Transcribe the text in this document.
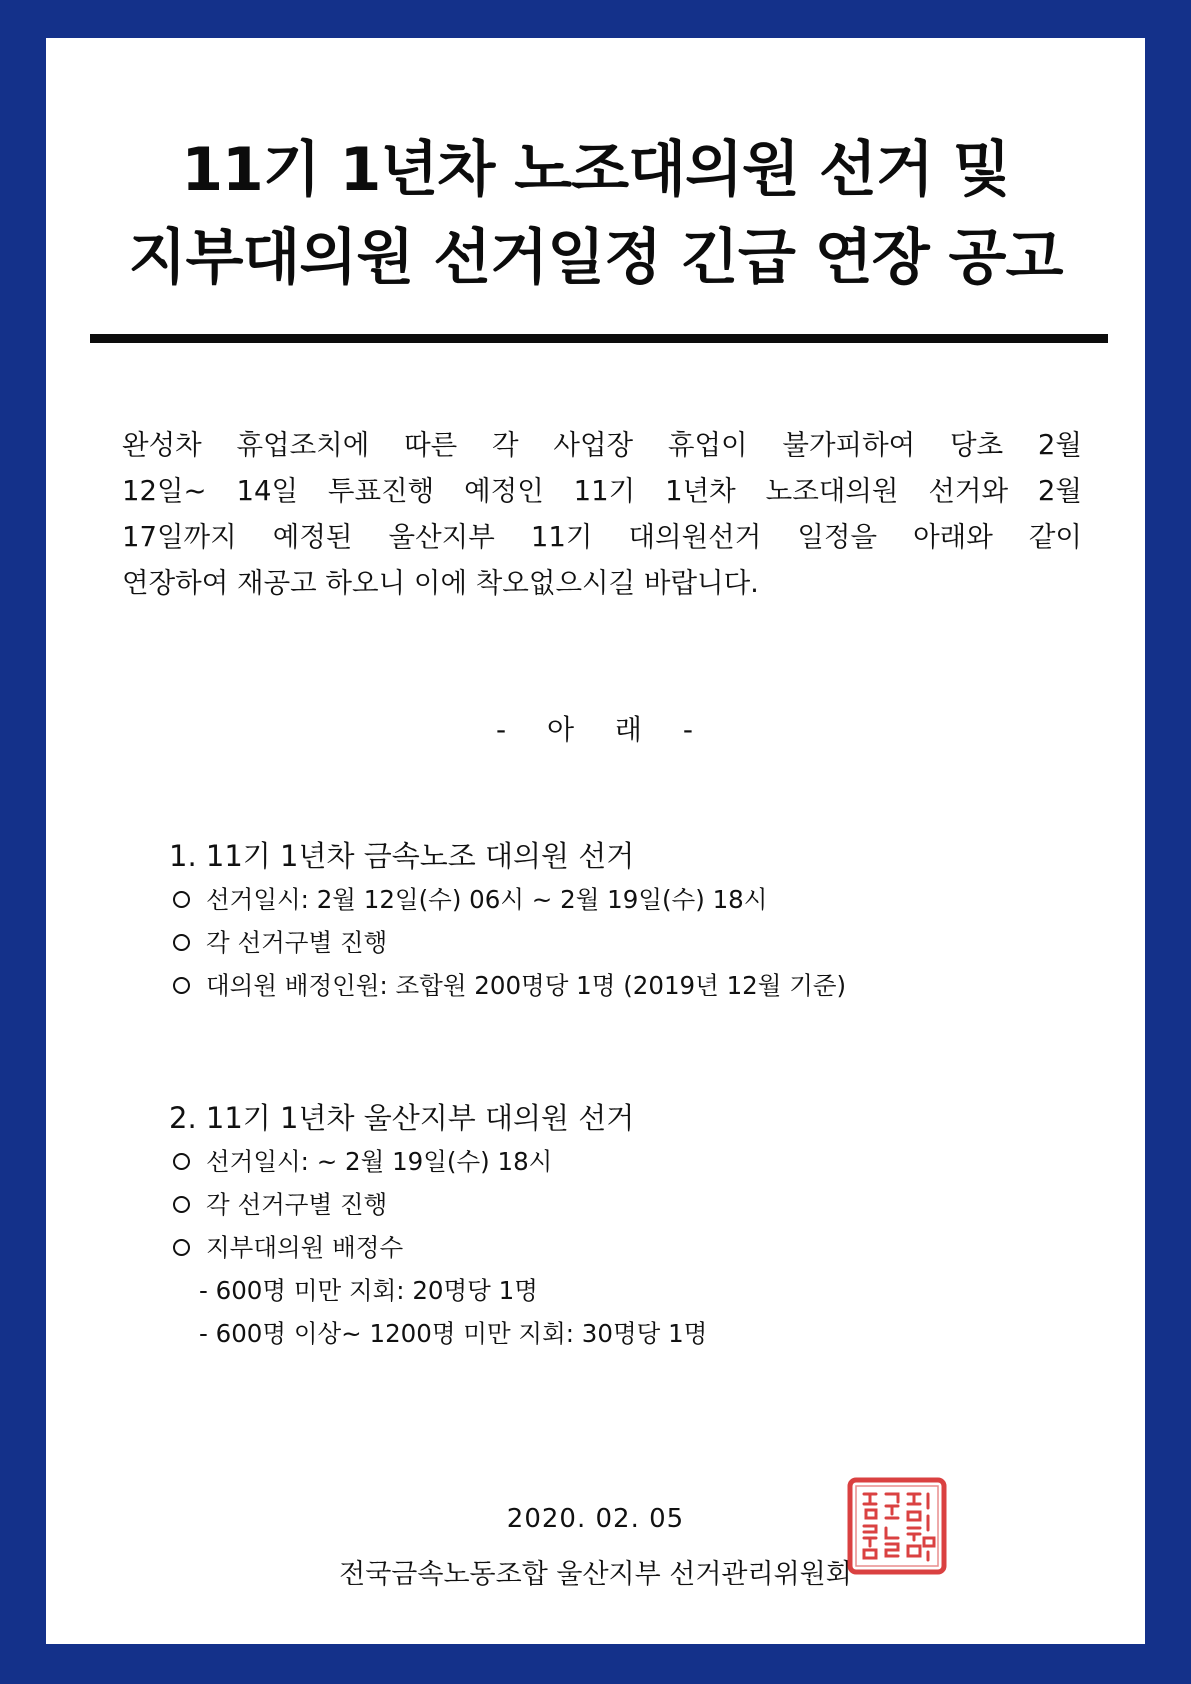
11기 1년차 노조대의원 선거 및
지부대의원 선거일정 긴급 연장 공고
완성차 휴업조치에 따른 각 사업장 휴업이 불가피하여 당초 2월
12일~ 14일 투표진행 예정인 11기 1년차 노조대의원 선거와 2월
17일까지 예정된 울산지부 11기 대의원선거 일정을 아래와 같이
연장하여 재공고 하오니 이에 착오없으시길 바랍니다.
- 아 래 -
1. 11기 1년차 금속노조 대의원 선거
선거일시: 2월 12일(수) 06시 ~ 2월 19일(수) 18시
각 선거구별 진행
대의원 배정인원: 조합원 200명당 1명 (2019년 12월 기준)
2. 11기 1년차 울산지부 대의원 선거
선거일시: ~ 2월 19일(수) 18시
각 선거구별 진행
지부대의원 배정수
- 600명 미만 지회: 20명당 1명
- 600명 이상~ 1200명 미만 지회: 30명당 1명
2020. 02. 05
전국금속노동조합 울산지부 선거관리위원회
